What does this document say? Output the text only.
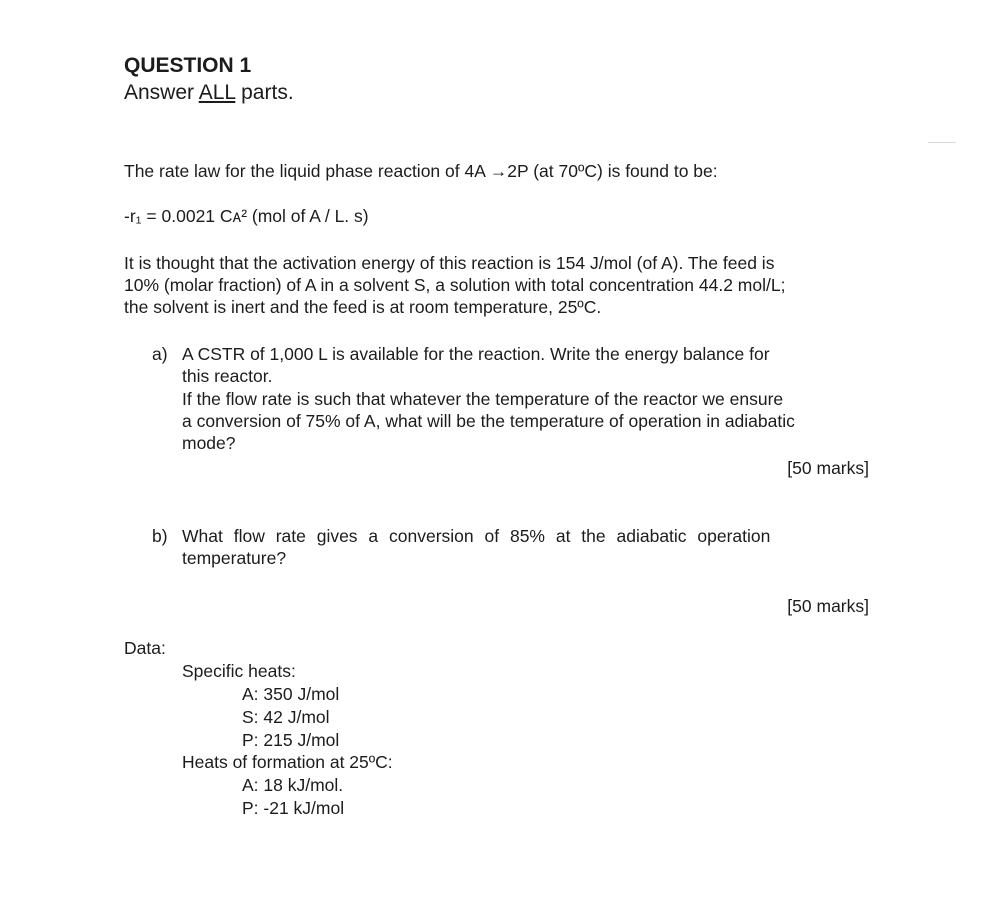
QUESTION 1
Answer ALL parts.
The rate law for the liquid phase reaction of 4A →2P (at 70ºC) is found to be:
-r₁ = 0.0021 Cᴀ² (mol of A / L. s)
It is thought that the activation energy of this reaction is 154 J/mol (of A). The feed is
10% (molar fraction) of A in a solvent S, a solution with total concentration 44.2 mol/L;
the solvent is inert and the feed is at room temperature, 25ºC.
a) A CSTR of 1,000 L is available for the reaction. Write the energy balance for
this reactor.
If the flow rate is such that whatever the temperature of the reactor we ensure
a conversion of 75% of A, what will be the temperature of operation in adiabatic
mode?
[50 marks]
b) What flow rate gives a conversion of 85% at the adiabatic operation
temperature?
[50 marks]
Data:
Specific heats:
A: 350 J/mol
S: 42 J/mol
P: 215 J/mol
Heats of formation at 25ºC:
A: 18 kJ/mol.
P: -21 kJ/mol
